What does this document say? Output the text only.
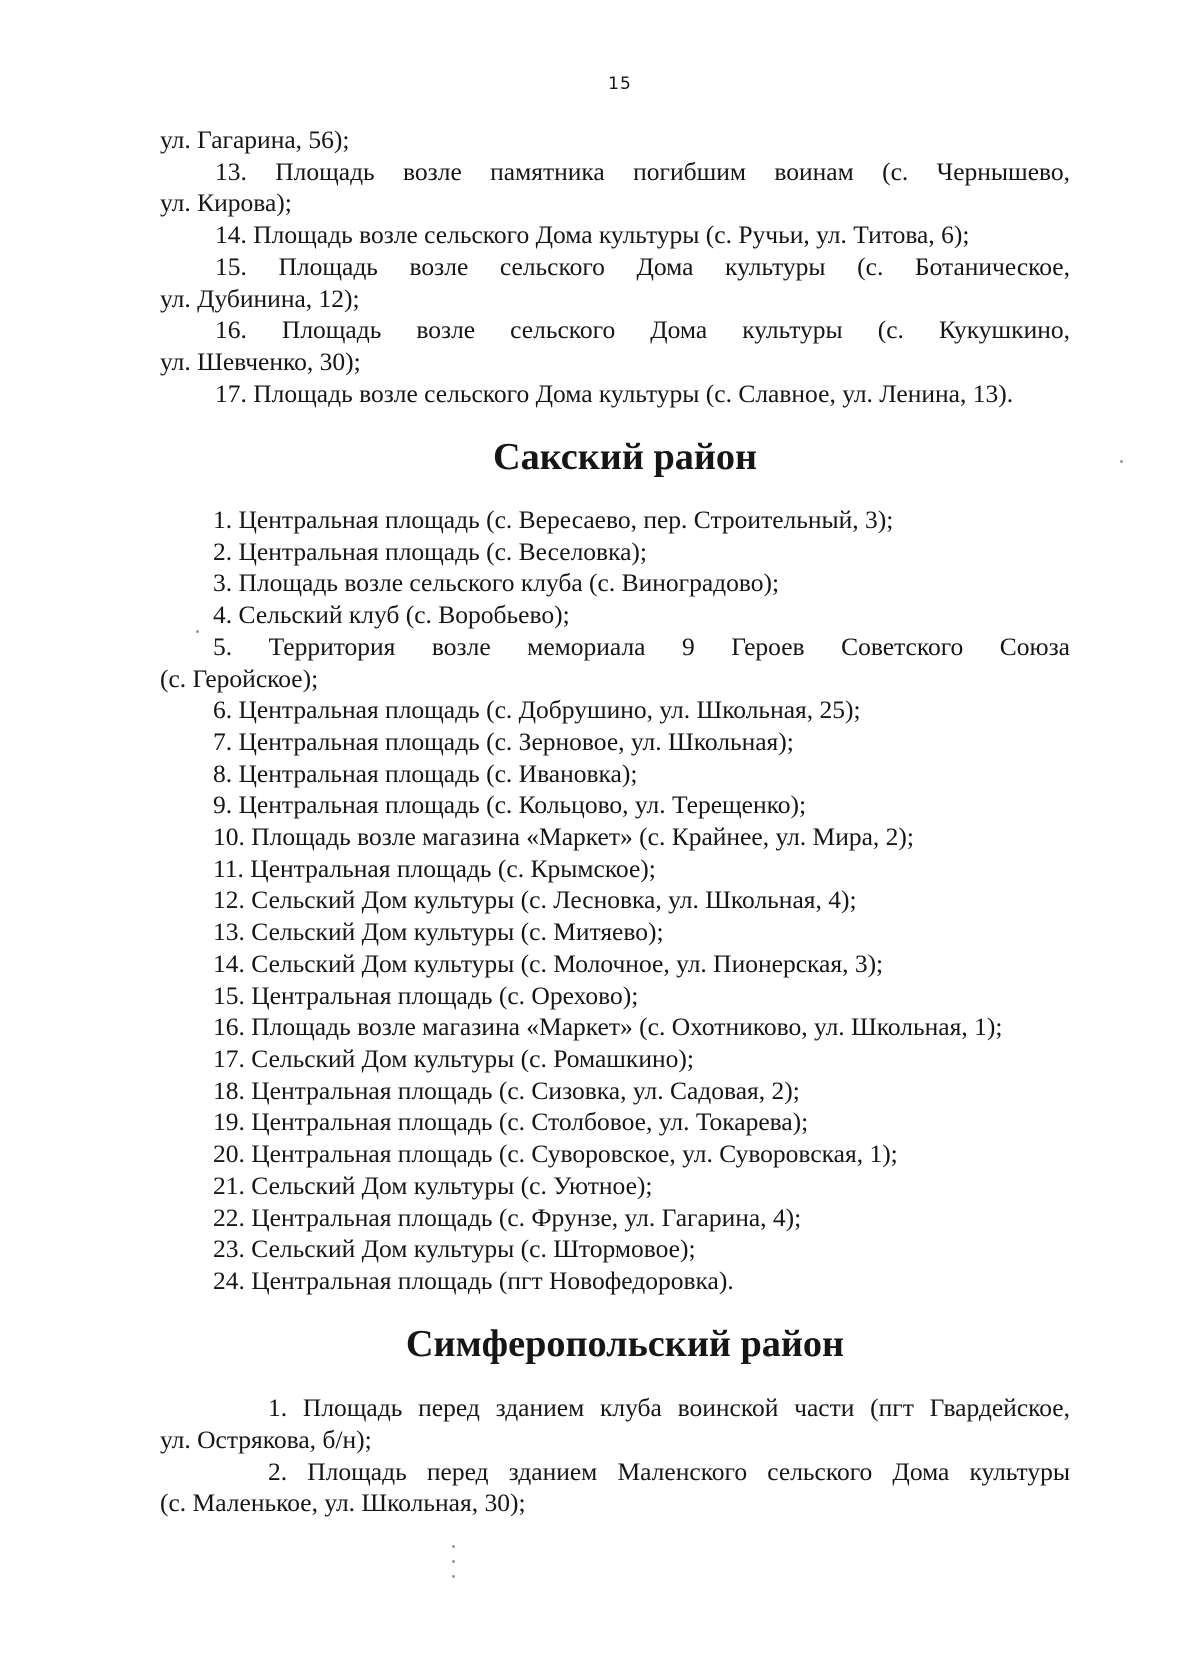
15

ул. Гагарина, 56);

13. Площадь возле памятника погибшим воинам (с. Чернышево,
ул. Кирова);
14. Площадь возле сельского Дома культуры (с. Ручьи, ул. Титова, 6);
15. Площадь возле сельского Дома культуры (с. Ботаническое,
ул. Дубинина, 12);
16. Площадь возле сельского Дома культуры (с. Кукушкино,
ул. Шевченко, 30);
17. Площадь возле сельского Дома культуры (с. Славное, ул. Ленина, 13).
Сакский район
1. Центральная площадь (с. Вересаево, пер. Строительный, 3);
2. Центральная площадь (с. Веселовка);
3. Площадь возле сельского клуба (с. Виноградово);
4. Сельский клуб (с. Воробьево);
5. Территория возле мемориала 9 Героев Советского Союза
(с. Геройское);
6. Центральная площадь (с. Добрушино, ул. Школьная, 25);
7. Центральная площадь (с. Зерновое, ул. Школьная);
8. Центральная площадь (с. Ивановка);
9. Центральная площадь (с. Кольцово, ул. Терещенко);
10. Площадь возле магазина «Маркет» (с. Крайнее, ул. Мира, 2);
11. Центральная площадь (с. Крымское);
12. Сельский Дом культуры (с. Лесновка, ул. Школьная, 4);
13. Сельский Дом культуры (с. Митяево);
14. Сельский Дом культуры (с. Молочное, ул. Пионерская, 3);
15. Центральная площадь (с. Орехово);
16. Площадь возле магазина «Маркет» (с. Охотниково, ул. Школьная, 1);
17. Сельский Дом культуры (с. Ромашкино);
18. Центральная площадь (с. Сизовка, ул. Садовая, 2);
19. Центральная площадь (с. Столбовое, ул. Токарева);
20. Центральная площадь (с. Суворовское, ул. Суворовская, 1);
21. Сельский Дом культуры (с. Уютное);
22. Центральная площадь (с. Фрунзе, ул. Гагарина, 4);
23. Сельский Дом культуры (с. Штормовое);
24. Центральная площадь (пгт Новофедоровка).
Симферопольский район
1. Площадь перед зданием клуба воинской части (пгт Гвардейское,
ул. Острякова, б/н);
2. Площадь перед зданием Маленского сельского Дома культуры
(с. Маленькое, ул. Школьная, 30);
